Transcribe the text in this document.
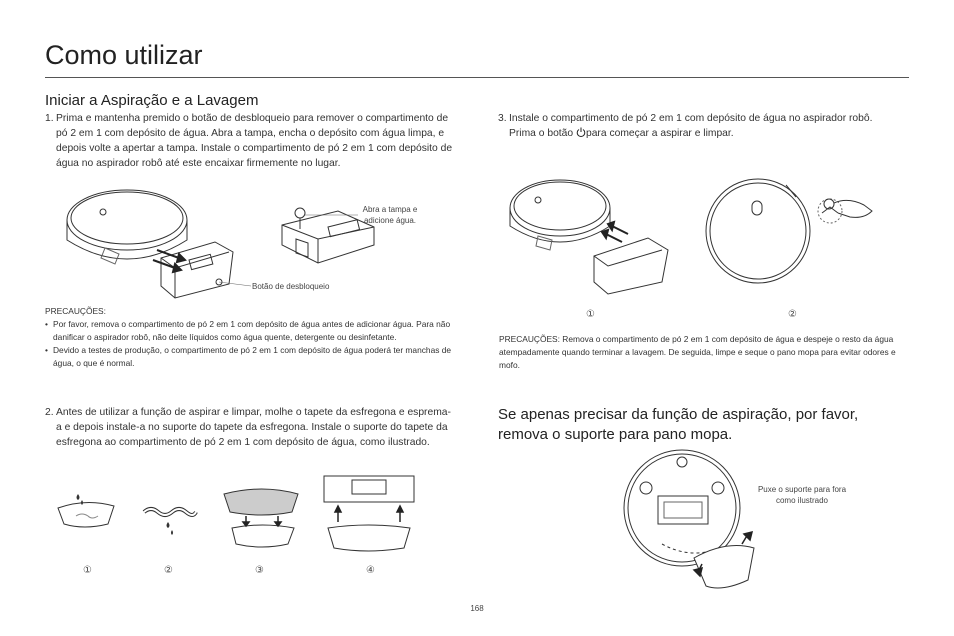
Como utilizar
Iniciar a Aspiração e a Lavagem
1. Prima e mantenha premido o botão de desbloqueio para remover o compartimento de pó 2 em 1 com depósito de água. Abra a tampa, encha o depósito com água limpa, e depois volte a apertar a tampa. Instale o compartimento de pó 2 em 1 com depósito de água no aspirador robô até este encaixar firmemente no lugar.
Abra a tampa e adicione água.
Botão de desbloqueio
PRECAUÇÕES:
• Por favor, remova o compartimento de pó 2 em 1 com depósito de água antes de adicionar água. Para não danificar o aspirador robô, não deite líquidos como água quente, detergente ou desinfetante.
• Devido a testes de produção, o compartimento de pó 2 em 1 com depósito de água poderá ter manchas de água, o que é normal.
2. Antes de utilizar a função de aspirar e limpar, molhe o tapete da esfregona e esprema-a e depois instale-a no suporte do tapete da esfregona. Instale o suporte do tapete da esfregona ao compartimento de pó 2 em 1 com depósito de água, como ilustrado.
①	②	③	④
3. Instale o compartimento de pó 2 em 1 com depósito de água no aspirador robô.
Prima o botão
para começar a aspirar e limpar.
①	②
PRECAUÇÕES: Remova o compartimento de pó 2 em 1 com depósito de água e despeje o resto da água atempadamente quando terminar a lavagem. De seguida, limpe e seque o pano mopa para evitar odores e mofo.
Se apenas precisar da função de aspiração, por favor, remova o suporte para pano mopa.
Puxe o suporte para fora como ilustrado
168
